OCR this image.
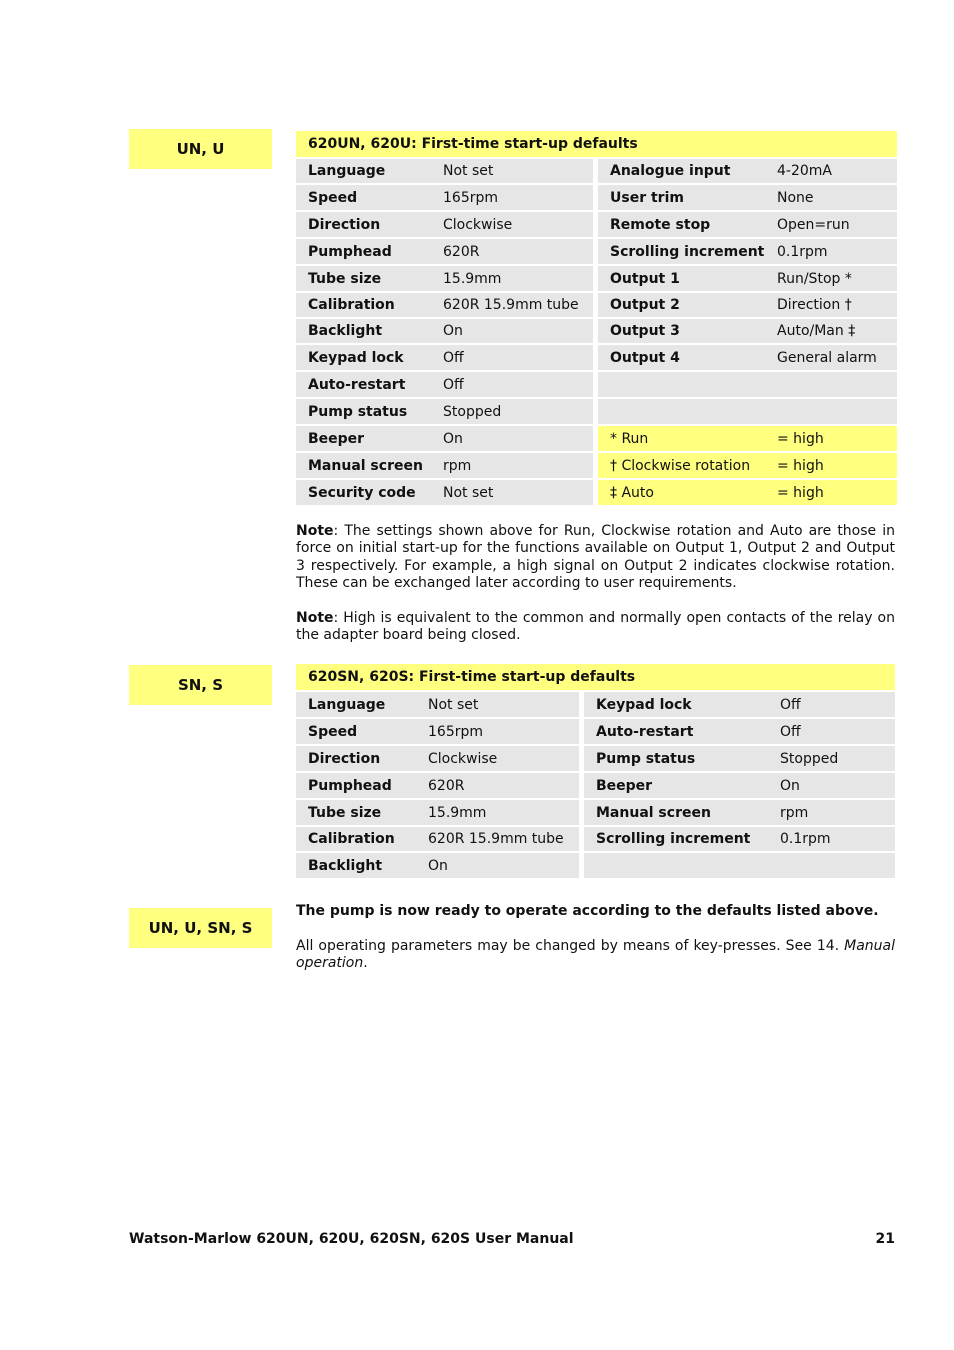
UN, U
SN, S
UN, U, SN, S
620UN, 620U: First-time start-up defaults
Language	Not set
Speed	165rpm
Direction	Clockwise
Pumphead	620R
Tube size	15.9mm
Calibration	620R 15.9mm tube
Backlight	On
Keypad lock	Off
Auto-restart	Off
Pump status	Stopped
Beeper	On
Manual screen	rpm
Security code	Not set
Analogue input	4-20mA
User trim	None
Remote stop	Open=run
Scrolling increment 0.1rpm
Output 1	Run/Stop *
Output 2	Direction †
Output 3	Auto/Man ‡
Output 4	General alarm
* Run	= high
† Clockwise rotation	= high
‡ Auto	= high
Note: The settings shown above for Run, Clockwise rotation and Auto are those in force on initial start-up for the functions available on Output 1, Output 2 and Output 3 respectively. For example, a high signal on Output 2 indicates clockwise rotation. These can be exchanged later according to user requirements.
Note: High is equivalent to the common and normally open contacts of the relay on the adapter board being closed.
620SN, 620S: First-time start-up defaults
Language	Not set
Speed	165rpm
Direction	Clockwise
Pumphead	620R
Tube size	15.9mm
Calibration	620R 15.9mm tube
Backlight	On
Keypad lock	Off
Auto-restart	Off
Pump status	Stopped
Beeper	On
Manual screen	rpm
Scrolling increment	0.1rpm
The pump is now ready to operate according to the defaults listed above.
All operating parameters may be changed by means of key-presses. See 14. Manual operation.
Watson-Marlow 620UN, 620U, 620SN, 620S User Manual	21
